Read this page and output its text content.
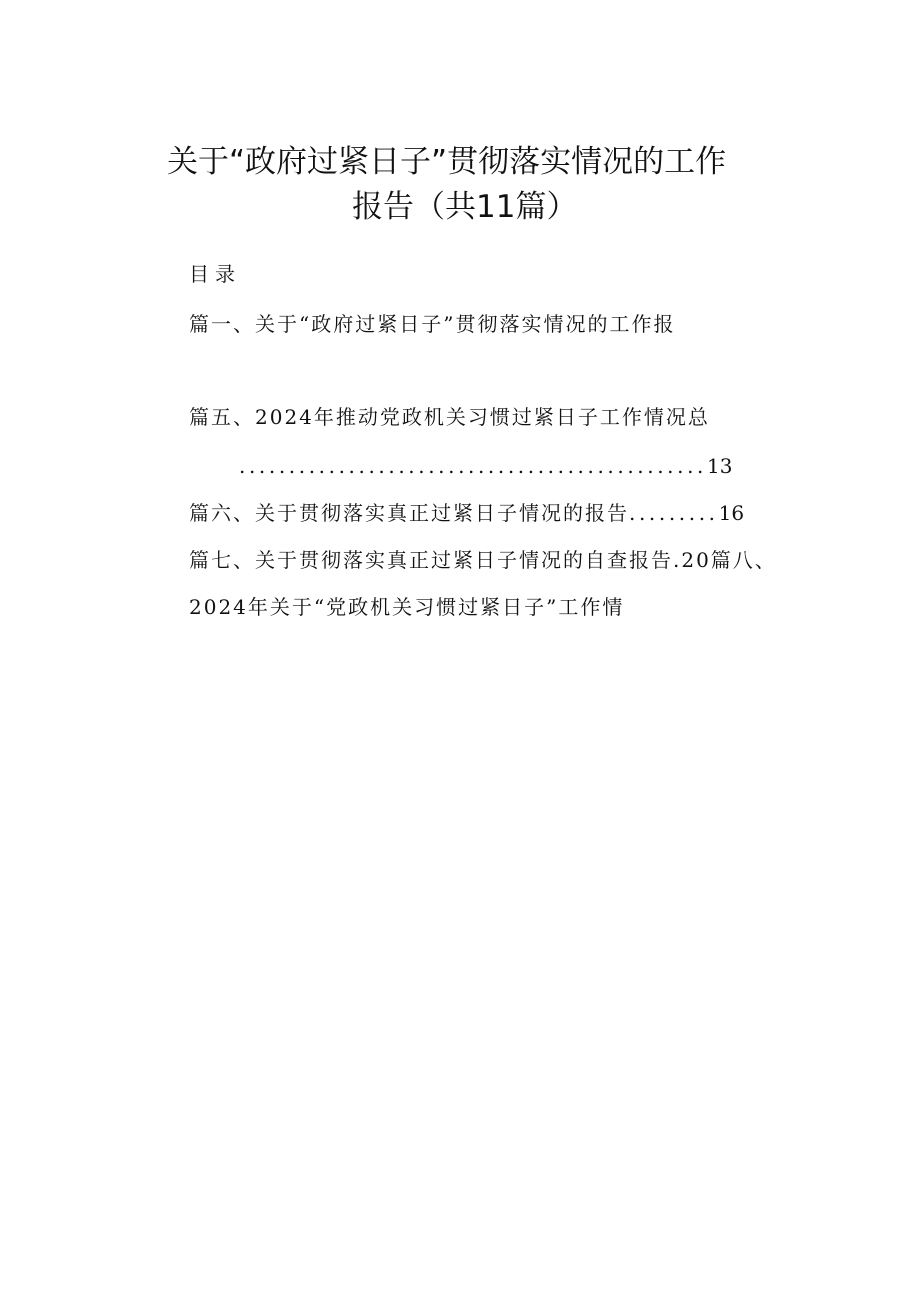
关于“政府过紧日子”贯彻落实情况的工作
报告（共11篇）
目录
篇一、关于“政府过紧日子”贯彻落实情况的工作报
篇五、2024年推动党政机关习惯过紧日子工作情况总
...............................................13
篇六、关于贯彻落实真正过紧日子情况的报告.........16
篇七、关于贯彻落实真正过紧日子情况的自查报告.20篇八、
2024年关于“党政机关习惯过紧日子”工作情
